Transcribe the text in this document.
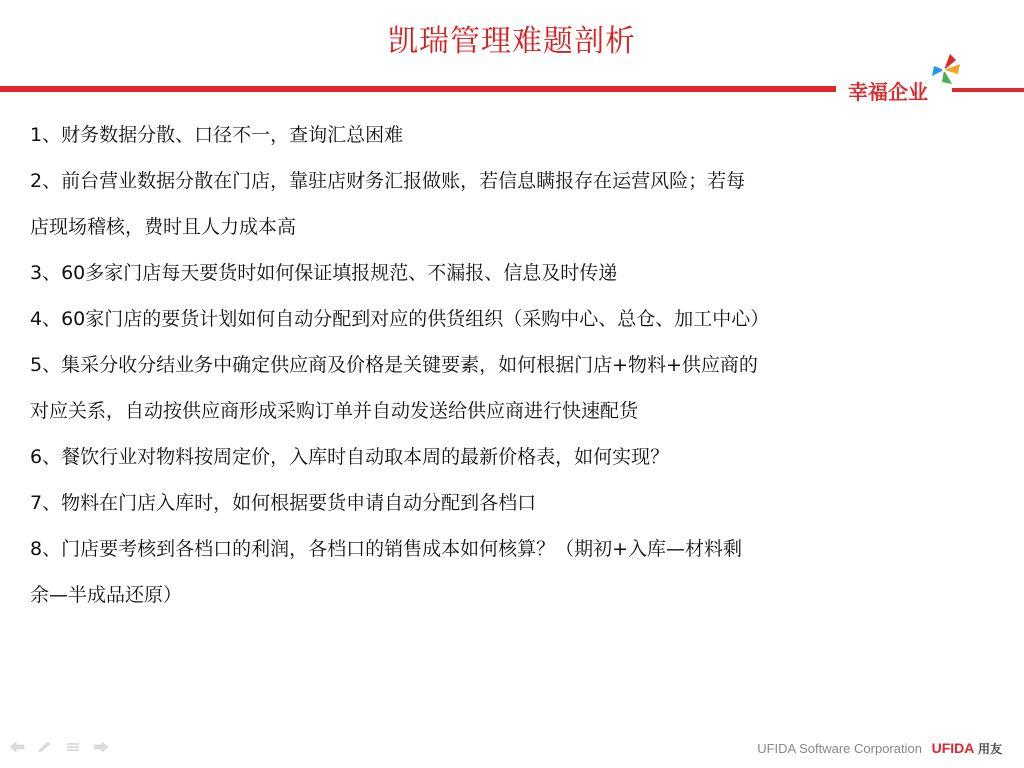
凯瑞管理难题剖析
幸福企业
1、财务数据分散、口径不一，查询汇总困难
2、前台营业数据分散在门店，靠驻店财务汇报做账，若信息瞒报存在运营风险；若每
店现场稽核，费时且人力成本高
3、60多家门店每天要货时如何保证填报规范、不漏报、信息及时传递
4、60家门店的要货计划如何自动分配到对应的供货组织（采购中心、总仓、加工中心）
5、集采分收分结业务中确定供应商及价格是关键要素，如何根据门店+物料+供应商的
对应关系，自动按供应商形成采购订单并自动发送给供应商进行快速配货
6、餐饮行业对物料按周定价，入库时自动取本周的最新价格表，如何实现？
7、物料在门店入库时，如何根据要货申请自动分配到各档口
8、门店要考核到各档口的利润，各档口的销售成本如何核算？（期初+入库—材料剩
余—半成品还原）
UFIDA Software Corporation UFIDA 用友
